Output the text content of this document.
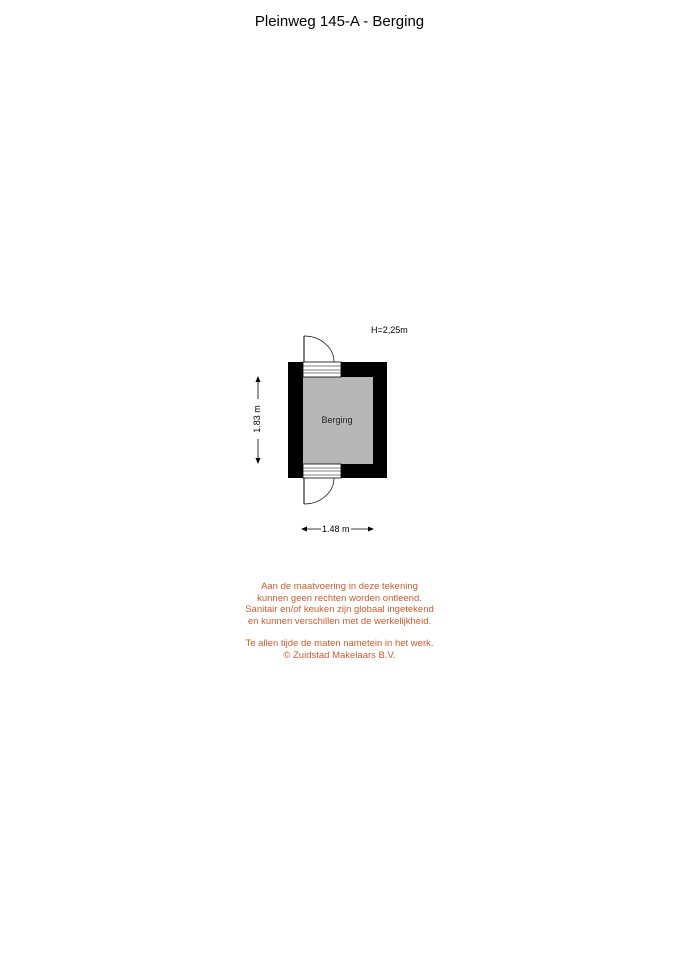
Pleinweg 145-A - Berging
H=2,25m
Berging
1.48 m
1.83 m
Aan de maatvoering in deze tekening
kunnen geen rechten worden ontleend.
Sanitair en/of keuken zijn globaal ingetekend
en kunnen verschillen met de werkelijkheid.
Te allen tijde de maten nametein in het werk.
© Zuidstad Makelaars B.V.
